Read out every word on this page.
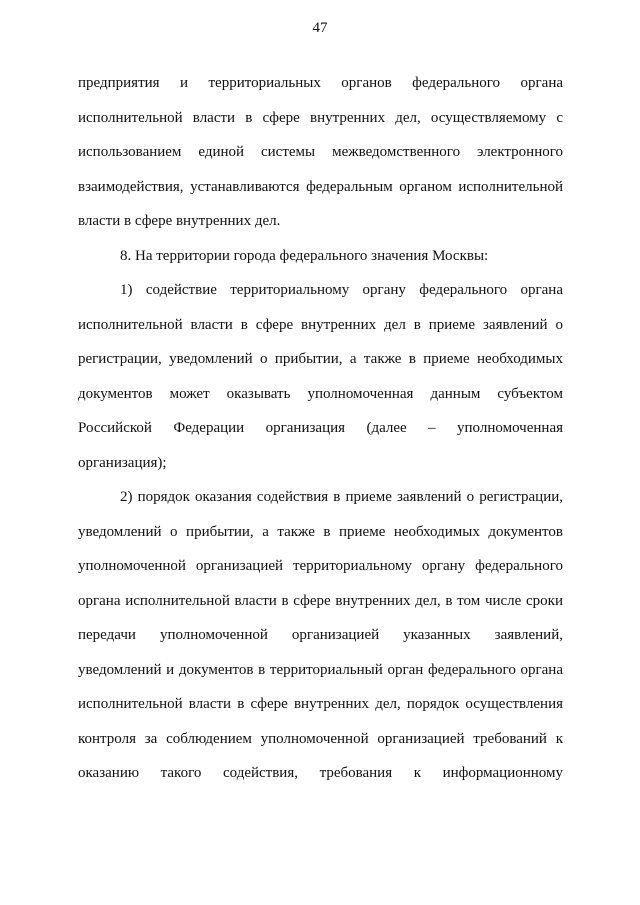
47

предприятия и территориальных органов федерального органа исполнительной власти в сфере внутренних дел, осуществляемому с использованием единой системы межведомственного электронного взаимодействия, устанавливаются федеральным органом исполнительной власти в сфере внутренних дел.

8. На территории города федерального значения Москвы:

1) содействие территориальному органу федерального органа исполнительной власти в сфере внутренних дел в приеме заявлений о регистрации, уведомлений о прибытии, а также в приеме необходимых документов может оказывать уполномоченная данным субъектом Российской Федерации организация (далее – уполномоченная организация);

2) порядок оказания содействия в приеме заявлений о регистрации, уведомлений о прибытии, а также в приеме необходимых документов уполномоченной организацией территориальному органу федерального органа исполнительной власти в сфере внутренних дел, в том числе сроки передачи уполномоченной организацией указанных заявлений, уведомлений и документов в территориальный орган федерального органа исполнительной власти в сфере внутренних дел, порядок осуществления контроля за соблюдением уполномоченной организацией требований к оказанию такого содействия, требования к информационному
